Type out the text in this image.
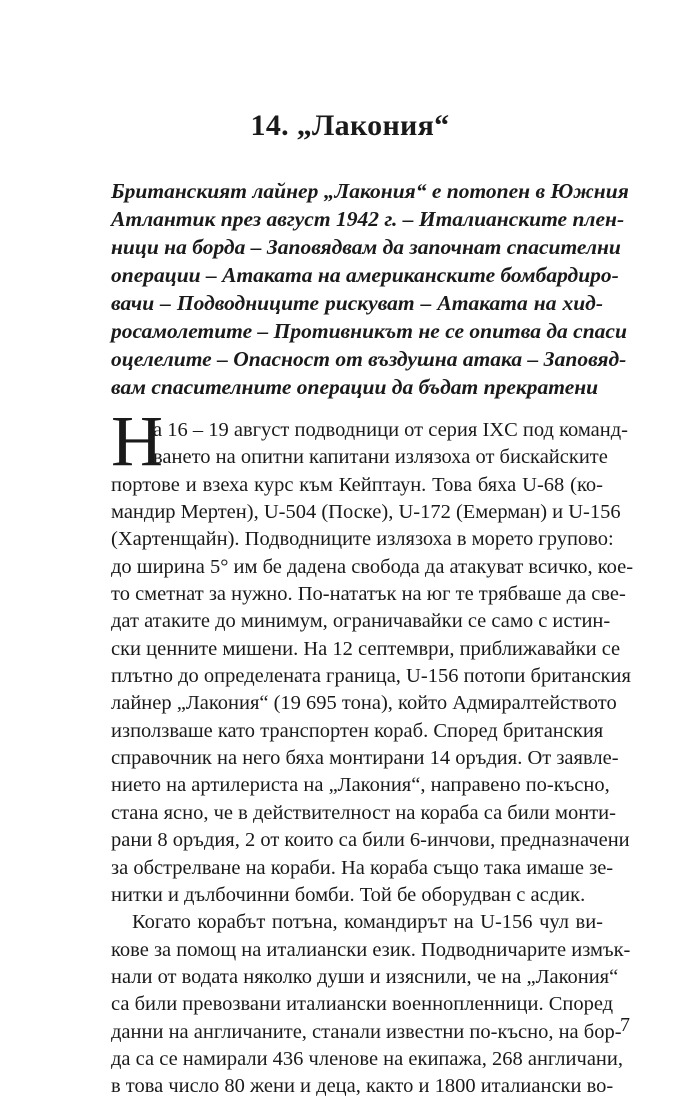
14. „Лакония“
Британският лайнер „Лакония“ е потопен в Южния
Атлантик през август 1942 г. – Италианските плен-
ници на борда – Заповядвам да започнат спасителни
операции – Атаката на американските бомбардиро-
вачи – Подводниците рискуват – Атаката на хид-
росамолетите – Противникът не се опитва да спаси
оцелелите – Опасност от въздушна атака – Заповяд-
вам спасителните операции да бъдат прекратени
Н
а 16 – 19 август подводници от серия IXC под команд-
ването на опитни капитани излязоха от бискайските
портове и взеха курс към Кейптаун. Това бяха U-68 (ко-
мандир Мертен), U-504 (Поске), U-172 (Емерман) и U-156
(Хартенщайн). Подводниците излязоха в морето групово:
до ширина 5° им бе дадена свобода да атакуват всичко, кое-
то сметнат за нужно. По-нататък на юг те трябваше да све-
дат атаките до минимум, ограничавайки се само с истин-
ски ценните мишени. На 12 септември, приближавайки се
плътно до определената граница, U-156 потопи британския
лайнер „Лакония“ (19 695 тона), който Адмиралтейството
използваше като транспортен кораб. Според британския
справочник на него бяха монтирани 14 оръдия. От заявле-
нието на артилериста на „Лакония“, направено по-късно,
стана ясно, че в действителност на кораба са били монти-
рани 8 оръдия, 2 от които са били 6-инчови, предназначени
за обстрелване на кораби. На кораба също така имаше зе-
нитки и дълбочинни бомби. Той бе оборудван с асдик.
Когато корабът потъна, командирът на U-156 чул ви-
кове за помощ на италиански език. Подводничарите измък-
нали от водата няколко души и изяснили, че на „Лакония“
са били превозвани италиански военнопленници. Според
данни на англичаните, станали известни по-късно, на бор-
да са се намирали 436 членове на екипажа, 268 англичани,
в това число 80 жени и деца, както и 1800 италиански во-
7
